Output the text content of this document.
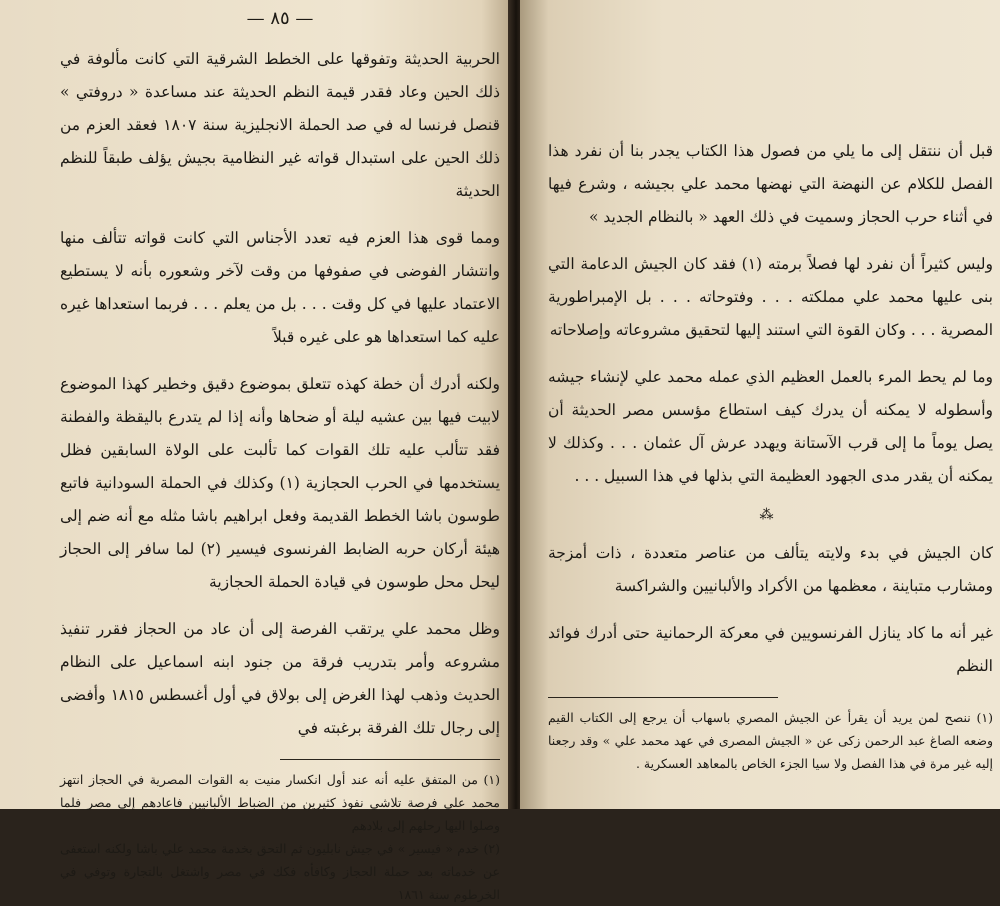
— ٨٥ —

الحربية الحديثة وتفوقها على الخطط الشرقية التي كانت مألوفة في ذلك الحين وعاد فقدر قيمة النظم الحديثة عند مساعدة « دروفتي » قنصل فرنسا له في صد الحملة الانجليزية سنة ١٨٠٧ فعقد العزم من ذلك الحين على استبدال قواته غير النظامية بجيش يؤلف طبقاً للنظم الحديثة

ومما قوى هذا العزم فيه تعدد الأجناس التي كانت قواته تتألف منها وانتشار الفوضى في صفوفها من وقت لآخر وشعوره بأنه لا يستطيع الاعتماد عليها في كل وقت . . . بل من يعلم . . . فربما استعداها غيره عليه كما استعداها هو على غيره قبلاً

ولكنه أدرك أن خطة كهذه تتعلق بموضوع دقيق وخطير كهذا الموضوع لابيت فيها بين عشيه ليلة أو ضحاها وأنه إذا لم يتدرع باليقظة والفطنة فقد تتألب عليه تلك القوات كما تألبت على الولاة السابقين فظل يستخدمها في الحرب الحجازية (١) وكذلك في الحملة السودانية فاتبع طوسون باشا الخطط القديمة وفعل ابراهيم باشا مثله مع أنه ضم إلى هيئة أركان حربه الضابط الفرنسوى فيسير (٢) لما سافر إلى الحجاز ليحل محل طوسون في قيادة الحملة الحجازية

وظل محمد علي يرتقب الفرصة إلى أن عاد من الحجاز فقرر تنفيذ مشروعه وأمر بتدريب فرقة من جنود ابنه اسماعيل على النظام الحديث وذهب لهذا الغرض إلى بولاق في أول أغسطس ١٨١٥ وأفضى إلى رجال تلك الفرقة برغبته في

(١) من المتفق عليه أنه عند أول انكسار منيت به القوات المصرية في الحجاز انتهز محمد علي فرصة تلاشي نفوذ كثيرين من الضباط الألبانيين فاعادهم إلى مصر فلما وصلوا اليها رحلهم إلى بلادهم

(٢) خدم « فيسير » في جيش نابليون ثم التحق بخدمة محمد علي باشا ولكنه استعفى عن خدماته بعد حملة الحجاز وكافأه فكك في مصر واشتغل بالتجارة وتوفي في الخرطوم سنة ١٨٦١

قبل أن ننتقل إلى ما يلي من فصول هذا الكتاب يجدر بنا أن نفرد هذا الفصل للكلام عن النهضة التي نهضها محمد علي بجيشه ، وشرع فيها في أثناء حرب الحجاز وسميت في ذلك العهد « بالنظام الجديد »

وليس كثيراً أن نفرد لها فصلاً برمته (١) فقد كان الجيش الدعامة التي بنى عليها محمد علي مملكته . . . وفتوحاته . . . بل الإمبراطورية المصرية . . . وكان القوة التي استند إليها لتحقيق مشروعاته وإصلاحاته

وما لم يحط المرء بالعمل العظيم الذي عمله محمد علي لإنشاء جيشه وأسطوله لا يمكنه أن يدرك كيف استطاع مؤسس مصر الحديثة أن يصل يوماً ما إلى قرب الآستانة ويهدد عرش آل عثمان . . . وكذلك لا يمكنه أن يقدر مدى الجهود العظيمة التي بذلها في هذا السبيل . . .

⁂

كان الجيش في بدء ولايته يتألف من عناصر متعددة ، ذات أمزجة ومشارب متباينة ، معظمها من الأكراد والألبانيين والشراكسة

غير أنه ما كاد ينازل الفرنسويين في معركة الرحمانية حتى أدرك فوائد النظم

(١) ننصح لمن يريد أن يقرأ عن الجيش المصري باسهاب أن يرجع إلى الكتاب القيم وضعه الصاغ عبد الرحمن زكى عن « الجيش المصرى في عهد محمد علي » وقد رجعنا إليه غير مرة في هذا الفصل ولا سيا الجزء الخاص بالمعاهد العسكرية .
